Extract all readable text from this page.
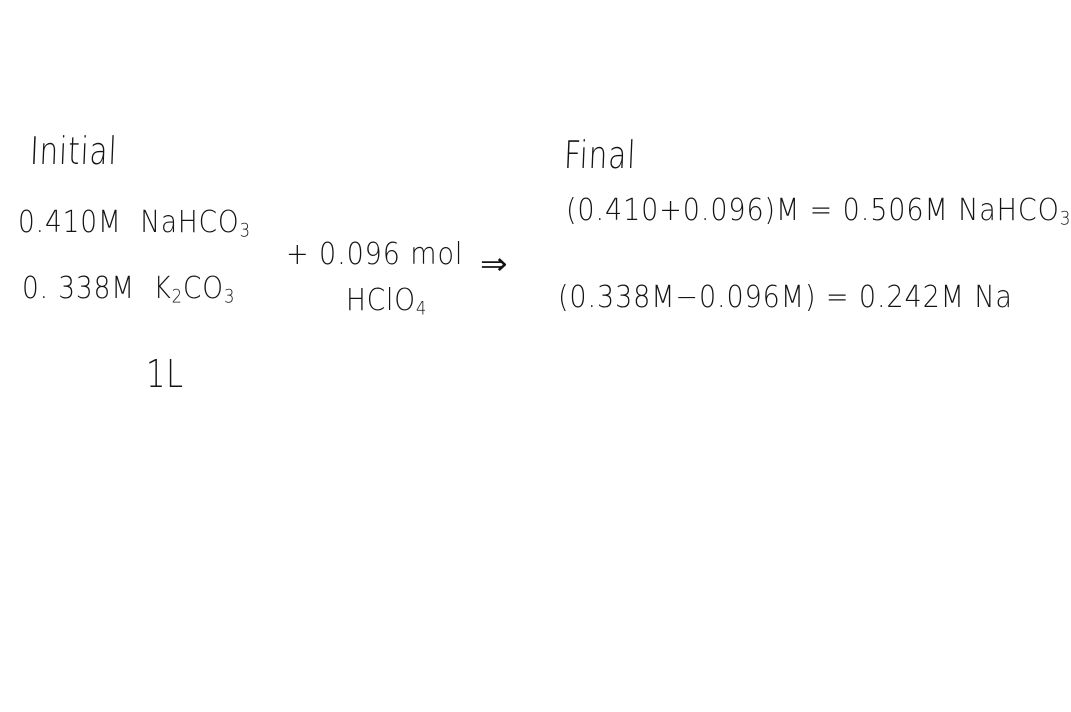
Initial
0.410M NaHCO$_3$
0. 338M $K_2CO_3$
1L
+ 0.096 mol
HClO$_4$
⇒
Final
(0.410+0.096)M = 0.506M NaHCO$_3$
(0.338M−0.096M) = 0.242M Na
